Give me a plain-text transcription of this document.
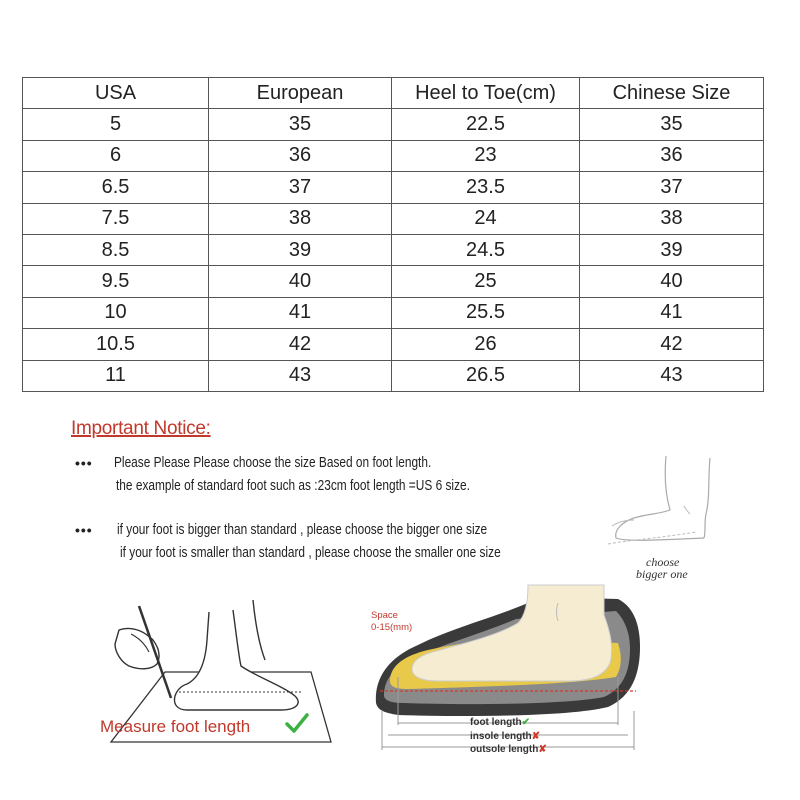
USA	European	Heel to Toe(cm)	Chinese Size
5	35	22.5	35
6	36	23	36
6.5	37	23.5	37
7.5	38	24	38
8.5	39	24.5	39
9.5	40	25	40
10	41	25.5	41
10.5	42	26	42
11	43	26.5	43
Important Notice:
••• Please Please Please choose the size Based on foot length.
the example of standard foot such as :23cm foot length =US 6 size.
••• if your foot is bigger than standard , please choose the bigger one size
if your foot is smaller than standard , please choose the smaller one size
choose
bigger one
Measure foot length
Space
0-15(mm)
foot length✔
insole length✘
outsole length✘
